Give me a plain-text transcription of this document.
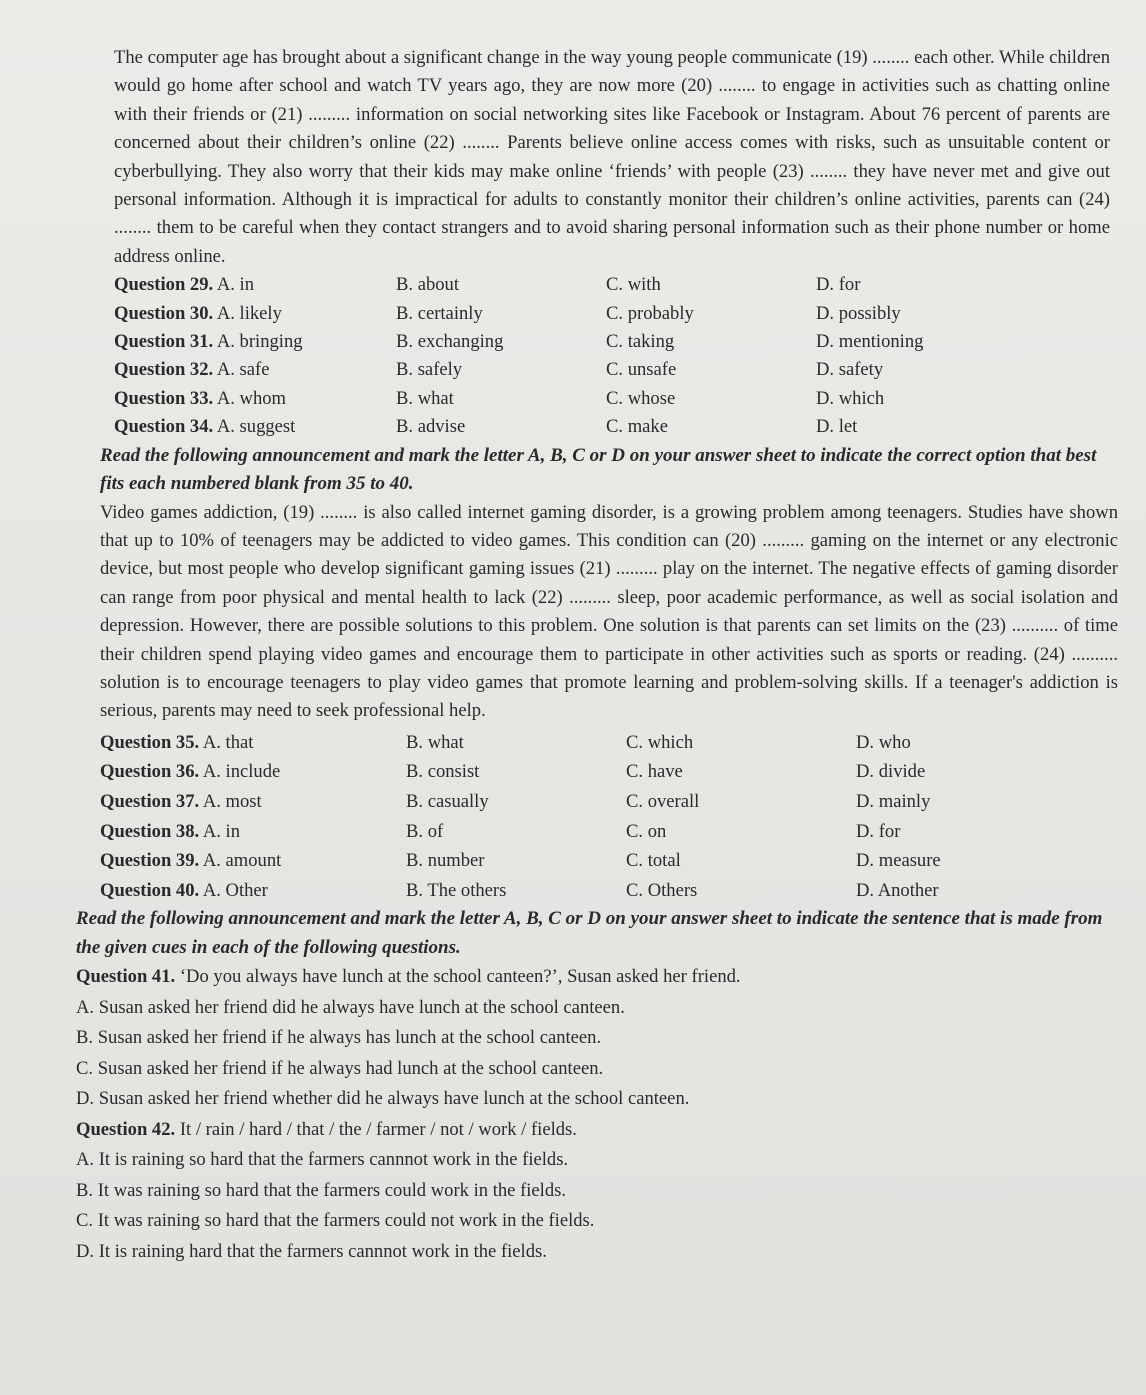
The computer age has brought about a significant change in the way young people communicate (19) ........ each other. While children would go home after school and watch TV years ago, they are now more (20) ........ to engage in activities such as chatting online with their friends or (21) ......... information on social networking sites like Facebook or Instagram. About 76 percent of parents are concerned about their children’s online (22) ........ Parents believe online access comes with risks, such as unsuitable content or cyberbullying. They also worry that their kids may make online ‘friends’ with people (23) ........ they have never met and give out personal information. Although it is impractical for adults to constantly monitor their children’s online activities, parents can (24) ........ them to be careful when they contact strangers and to avoid sharing personal information such as their phone number or home address online.

Question 29. A. in	B. about	C. with	D. for
Question 30. A. likely	B. certainly	C. probably	D. possibly
Question 31. A. bringing	B. exchanging	C. taking	D. mentioning
Question 32. A. safe	B. safely	C. unsafe	D. safety
Question 33. A. whom	B. what	C. whose	D. which
Question 34. A. suggest	B. advise	C. make	D. let

Read the following announcement and mark the letter A, B, C or D on your answer sheet to indicate the correct option that best fits each numbered blank from 35 to 40.

Video games addiction, (19) ........ is also called internet gaming disorder, is a growing problem among teenagers. Studies have shown that up to 10% of teenagers may be addicted to video games. This condition can (20) ......... gaming on the internet or any electronic device, but most people who develop significant gaming issues (21) ......... play on the internet. The negative effects of gaming disorder can range from poor physical and mental health to lack (22) ......... sleep, poor academic performance, as well as social isolation and depression. However, there are possible solutions to this problem. One solution is that parents can set limits on the (23) .......... of time their children spend playing video games and encourage them to participate in other activities such as sports or reading. (24) .......... solution is to encourage teenagers to play video games that promote learning and problem-solving skills. If a teenager's addiction is serious, parents may need to seek professional help.

Question 35. A. that	B. what	C. which	D. who
Question 36. A. include	B. consist	C. have	D. divide
Question 37. A. most	B. casually	C. overall	D. mainly
Question 38. A. in	B. of	C. on	D. for
Question 39. A. amount	B. number	C. total	D. measure
Question 40. A. Other	B. The others	C. Others	D. Another

Read the following announcement and mark the letter A, B, C or D on your answer sheet to indicate the sentence that is made from the given cues in each of the following questions.

Question 41. ‘Do you always have lunch at the school canteen?’, Susan asked her friend.

A. Susan asked her friend did he always have lunch at the school canteen.

B. Susan asked her friend if he always has lunch at the school canteen.

C. Susan asked her friend if he always had lunch at the school canteen.

D. Susan asked her friend whether did he always have lunch at the school canteen.

Question 42. It / rain / hard / that / the / farmer / not / work / fields.

A. It is raining so hard that the farmers cannnot work in the fields.

B. It was raining so hard that the farmers could work in the fields.

C. It was raining so hard that the farmers could not work in the fields.

D. It is raining hard that the farmers cannnot work in the fields.
